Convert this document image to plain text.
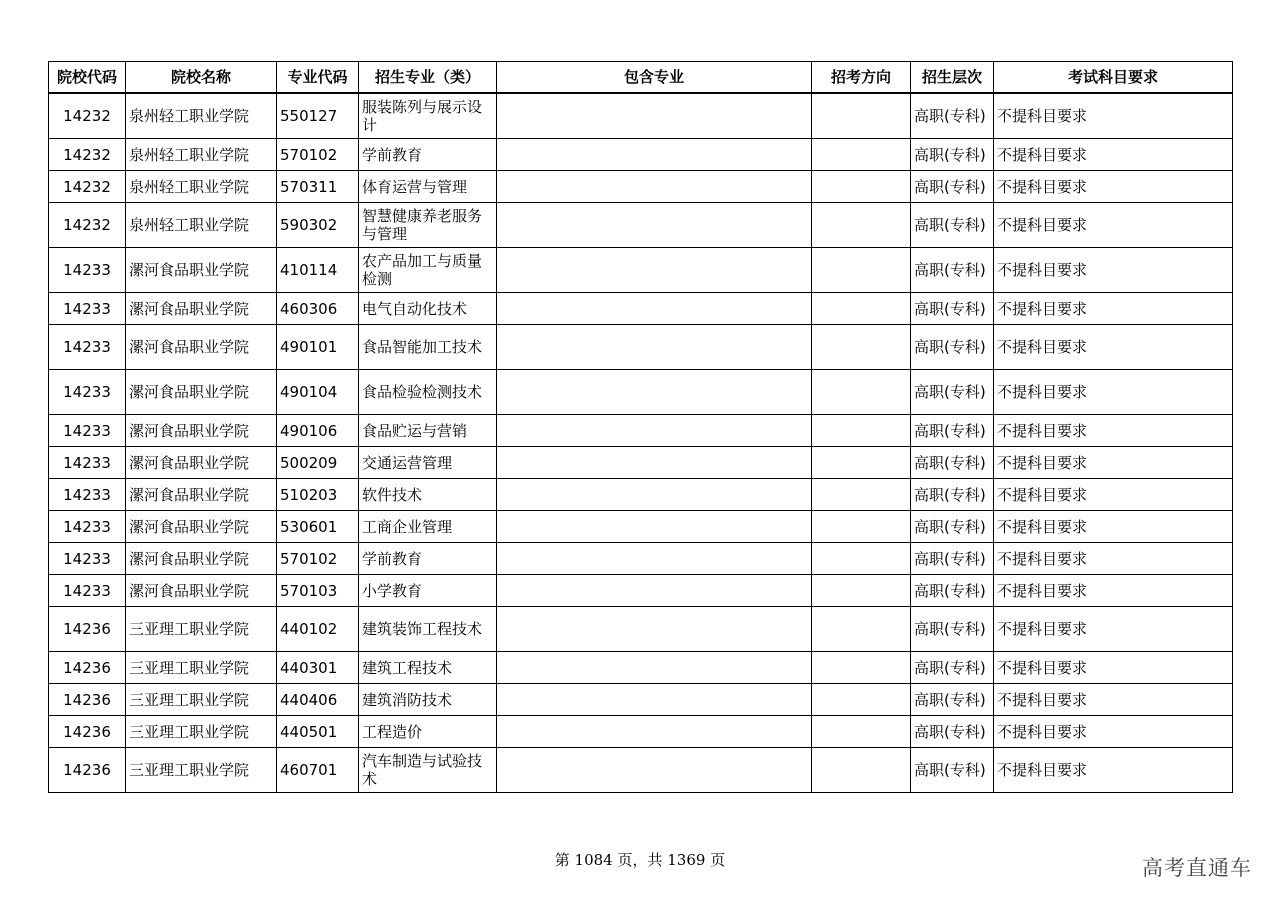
院校代码	院校名称	专业代码	招生专业（类）	包含专业	招考方向	招生层次	考试科目要求
14232	泉州轻工职业学院	550127	服装陈列与展示设计			高职(专科)	不提科目要求
14232	泉州轻工职业学院	570102	学前教育			高职(专科)	不提科目要求
14232	泉州轻工职业学院	570311	体育运营与管理			高职(专科)	不提科目要求
14232	泉州轻工职业学院	590302	智慧健康养老服务与管理			高职(专科)	不提科目要求
14233	漯河食品职业学院	410114	农产品加工与质量检测			高职(专科)	不提科目要求
14233	漯河食品职业学院	460306	电气自动化技术			高职(专科)	不提科目要求
14233	漯河食品职业学院	490101	食品智能加工技术			高职(专科)	不提科目要求
14233	漯河食品职业学院	490104	食品检验检测技术			高职(专科)	不提科目要求
14233	漯河食品职业学院	490106	食品贮运与营销			高职(专科)	不提科目要求
14233	漯河食品职业学院	500209	交通运营管理			高职(专科)	不提科目要求
14233	漯河食品职业学院	510203	软件技术			高职(专科)	不提科目要求
14233	漯河食品职业学院	530601	工商企业管理			高职(专科)	不提科目要求
14233	漯河食品职业学院	570102	学前教育			高职(专科)	不提科目要求
14233	漯河食品职业学院	570103	小学教育			高职(专科)	不提科目要求
14236	三亚理工职业学院	440102	建筑装饰工程技术			高职(专科)	不提科目要求
14236	三亚理工职业学院	440301	建筑工程技术			高职(专科)	不提科目要求
14236	三亚理工职业学院	440406	建筑消防技术			高职(专科)	不提科目要求
14236	三亚理工职业学院	440501	工程造价			高职(专科)	不提科目要求
14236	三亚理工职业学院	460701	汽车制造与试验技术			高职(专科)	不提科目要求
第 1084 页，共 1369 页	高考直通车
